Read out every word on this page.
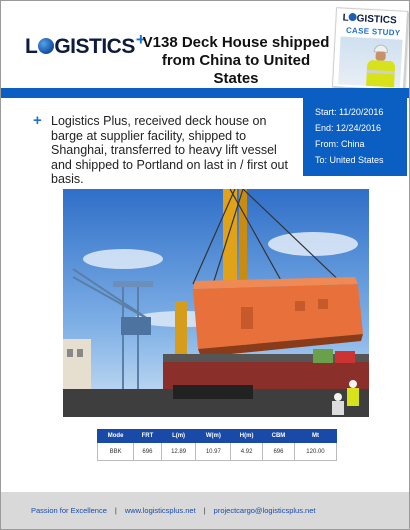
L GISTICS+
V138 Deck House shipped from China to United States
L GISTICS
CASE STUDY
Start: 11/20/2016
End: 12/24/2016
From: China
To: United States
+ Logistics Plus, received deck house on barge at supplier facility, shipped to Shanghai, transferred to heavy lift vessel and shipped to Portland on last in / first out basis.
Mode	FRT	L(m)	W(m)	H(m)	CBM	Mt
BBK	696	12.89	10.97	4.92	696	120.00
Passion for Excellence | www.logisticsplus.net | projectcargo@logisticsplus.net
